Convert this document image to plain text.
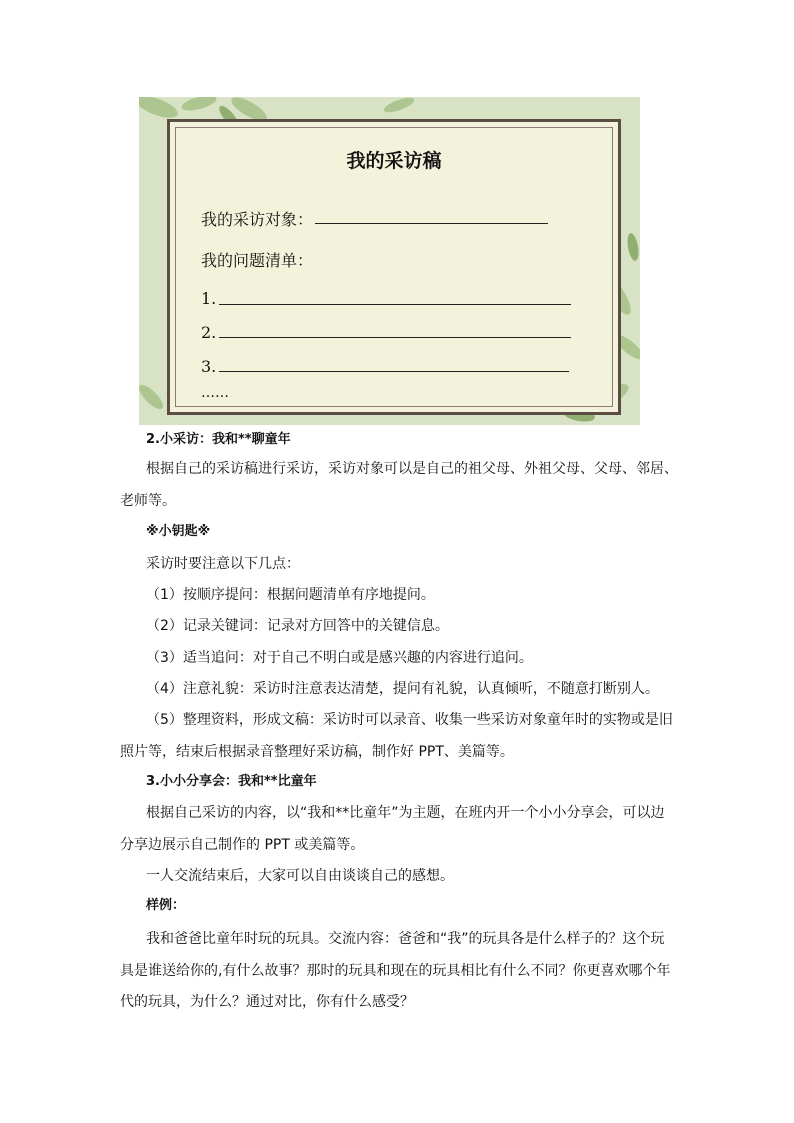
我的采访稿
我的采访对象：
我的问题清单：
1.
2.
3.
……
2.小采访：我和**聊童年
根据自己的采访稿进行采访，采访对象可以是自己的祖父母、外祖父母、父母、邻居、
老师等。
※小钥匙※
采访时要注意以下几点：
（1）按顺序提问：根据问题清单有序地提问。
（2）记录关键词：记录对方回答中的关键信息。
（3）适当追问：对于自己不明白或是感兴趣的内容进行追问。
（4）注意礼貌：采访时注意表达清楚，提问有礼貌，认真倾听，不随意打断别人。
（5）整理资料，形成文稿：采访时可以录音、收集一些采访对象童年时的实物或是旧
照片等，结束后根据录音整理好采访稿，制作好 PPT、美篇等。
3.小小分享会：我和**比童年
根据自己采访的内容，以“我和**比童年”为主题，在班内开一个小小分享会，可以边
分享边展示自己制作的 PPT 或美篇等。
一人交流结束后，大家可以自由谈谈自己的感想。
样例：
我和爸爸比童年时玩的玩具。交流内容：爸爸和“我”的玩具各是什么样子的？这个玩
具是谁送给你的,有什么故事？那时的玩具和现在的玩具相比有什么不同？你更喜欢哪个年
代的玩具，为什么？通过对比，你有什么感受？
